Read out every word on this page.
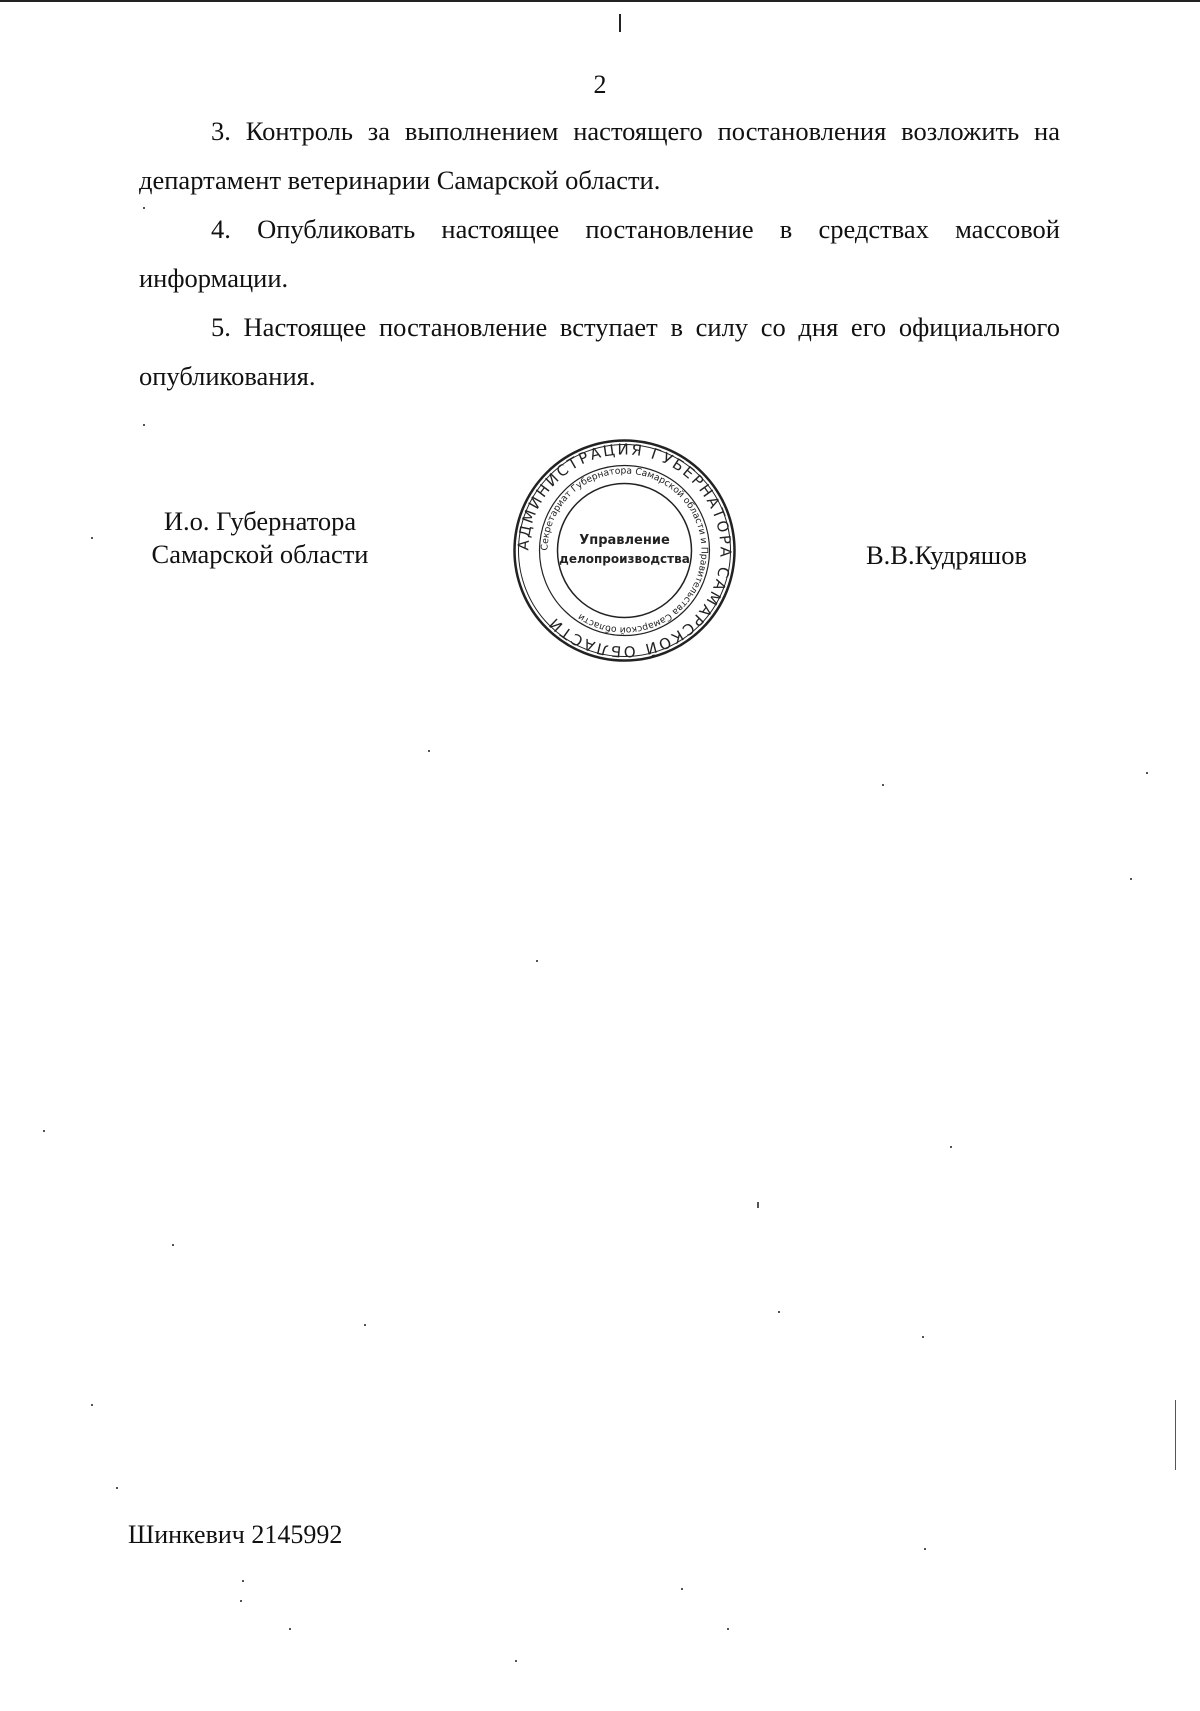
2

3. Контроль за выполнением настоящего постановления возложить на департамент ветеринарии Самарской области.

4. Опубликовать настоящее постановление в средствах массовой информации.

5. Настоящее постановление вступает в силу со дня его официального опубликования.

И.о. Губернатора
Самарской области	АДМИНИСТРАЦИЯ ГУБЕРНАТОРА САМАРСКОЙ ОБЛАСТИ
Секретариат Губернатора Самарской области и Правительства Самарской области
Управление
делопроизводства	В.В.Кудряшов
Шинкевич 2145992
